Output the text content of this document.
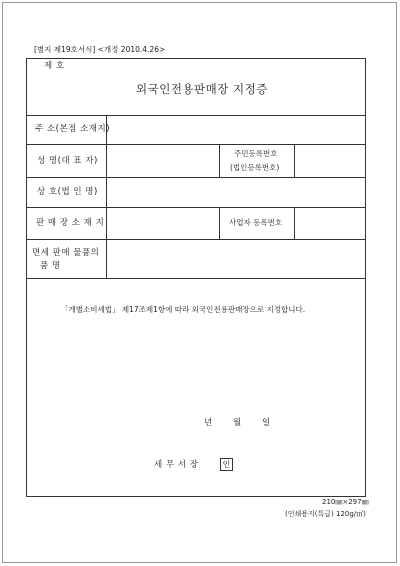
[별지 제19호서식] <개정 2010.4.26>
제 호
외국인전용판매장 지정증
주 소(본점 소재지)
성 명(대 표 자)
주민등록번호
(법인등록번호)
상 호(법 인 명)
판 매 장 소 재 지	사업자 등록번호
면세 판매 물품의
품 명
「개별소비세법」 제17조제1항에 따라 외국인전용판매장으로 지정합니다.
년 월 일
세 무 서 장	인
210㎜×297㎜
(인쇄용지(특급) 120g/㎡)
